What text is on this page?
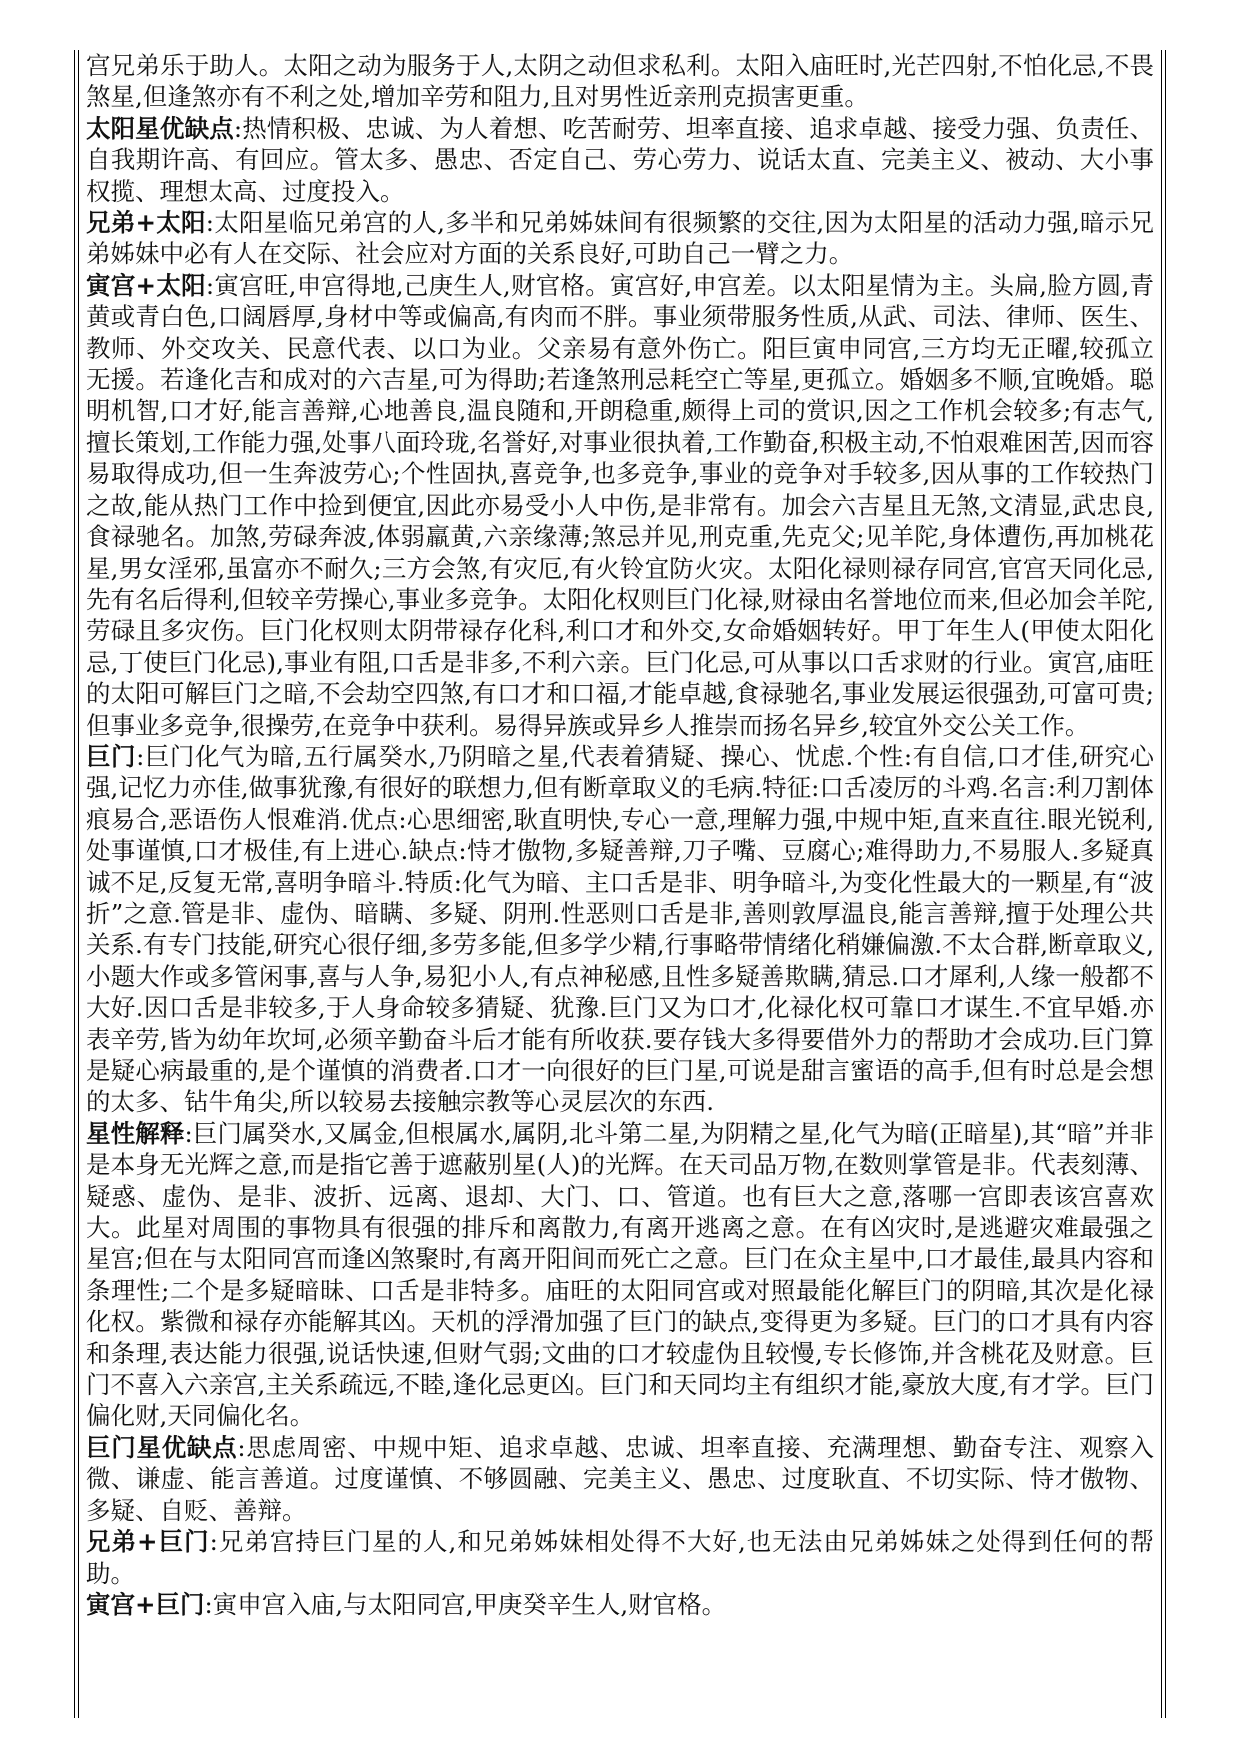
宫兄弟乐于助人。太阳之动为服务于人,太阴之动但求私利。太阳入庙旺时,光芒四射,不怕化忌,不畏煞星,但逢煞亦有不利之处,增加辛劳和阻力,且对男性近亲刑克损害更重。

太阳星优缺点:热情积极、忠诚、为人着想、吃苦耐劳、坦率直接、追求卓越、接受力强、负责任、自我期许高、有回应。管太多、愚忠、否定自己、劳心劳力、说话太直、完美主义、被动、大小事权揽、理想太高、过度投入。

兄弟+太阳:太阳星临兄弟宫的人,多半和兄弟姊妹间有很频繁的交往,因为太阳星的活动力强,暗示兄弟姊妹中必有人在交际、社会应对方面的关系良好,可助自己一臂之力。

寅宫+太阳:寅宫旺,申宫得地,己庚生人,财官格。寅宫好,申宫差。以太阳星情为主。头扁,脸方圆,青黄或青白色,口阔唇厚,身材中等或偏高,有肉而不胖。事业须带服务性质,从武、司法、律师、医生、教师、外交攻关、民意代表、以口为业。父亲易有意外伤亡。阳巨寅申同宫,三方均无正曜,较孤立无援。若逢化吉和成对的六吉星,可为得助;若逢煞刑忌耗空亡等星,更孤立。婚姻多不顺,宜晚婚。聪明机智,口才好,能言善辩,心地善良,温良随和,开朗稳重,颇得上司的赏识,因之工作机会较多;有志气,擅长策划,工作能力强,处事八面玲珑,名誉好,对事业很执着,工作勤奋,积极主动,不怕艰难困苦,因而容易取得成功,但一生奔波劳心;个性固执,喜竞争,也多竞争,事业的竞争对手较多,因从事的工作较热门之故,能从热门工作中捡到便宜,因此亦易受小人中伤,是非常有。加会六吉星且无煞,文清显,武忠良,食禄驰名。加煞,劳碌奔波,体弱羸黄,六亲缘薄;煞忌并见,刑克重,先克父;见羊陀,身体遭伤,再加桃花星,男女淫邪,虽富亦不耐久;三方会煞,有灾厄,有火铃宜防火灾。太阳化禄则禄存同宫,官宫天同化忌,先有名后得利,但较辛劳操心,事业多竞争。太阳化权则巨门化禄,财禄由名誉地位而来,但必加会羊陀,劳碌且多灾伤。巨门化权则太阴带禄存化科,利口才和外交,女命婚姻转好。甲丁年生人(甲使太阳化忌,丁使巨门化忌),事业有阻,口舌是非多,不利六亲。巨门化忌,可从事以口舌求财的行业。寅宫,庙旺的太阳可解巨门之暗,不会劫空四煞,有口才和口福,才能卓越,食禄驰名,事业发展运很强劲,可富可贵;但事业多竞争,很操劳,在竞争中获利。易得异族或异乡人推崇而扬名异乡,较宜外交公关工作。

巨门:巨门化气为暗,五行属癸水,乃阴暗之星,代表着猜疑、操心、忧虑.个性:有自信,口才佳,研究心强,记忆力亦佳,做事犹豫,有很好的联想力,但有断章取义的毛病.特征:口舌凌厉的斗鸡.名言:利刀割体痕易合,恶语伤人恨难消.优点:心思细密,耿直明快,专心一意,理解力强,中规中矩,直来直往.眼光锐利,处事谨慎,口才极佳,有上进心.缺点:恃才傲物,多疑善辩,刀子嘴、豆腐心;难得助力,不易服人.多疑真诚不足,反复无常,喜明争暗斗.特质:化气为暗、主口舌是非、明争暗斗,为变化性最大的一颗星,有“波折”之意.管是非、虚伪、暗瞒、多疑、阴刑.性恶则口舌是非,善则敦厚温良,能言善辩,擅于处理公共关系.有专门技能,研究心很仔细,多劳多能,但多学少精,行事略带情绪化稍嫌偏激.不太合群,断章取义,小题大作或多管闲事,喜与人争,易犯小人,有点神秘感,且性多疑善欺瞒,猜忌.口才犀利,人缘一般都不大好.因口舌是非较多,于人身命较多猜疑、犹豫.巨门又为口才,化禄化权可靠口才谋生.不宜早婚.亦表辛劳,皆为幼年坎坷,必须辛勤奋斗后才能有所收获.要存钱大多得要借外力的帮助才会成功.巨门算是疑心病最重的,是个谨慎的消费者.口才一向很好的巨门星,可说是甜言蜜语的高手,但有时总是会想的太多、钻牛角尖,所以较易去接触宗教等心灵层次的东西.

星性解释:巨门属癸水,又属金,但根属水,属阴,北斗第二星,为阴精之星,化气为暗(正暗星),其“暗”并非是本身无光辉之意,而是指它善于遮蔽别星(人)的光辉。在天司品万物,在数则掌管是非。代表刻薄、疑惑、虚伪、是非、波折、远离、退却、大门、口、管道。也有巨大之意,落哪一宫即表该宫喜欢大。此星对周围的事物具有很强的排斥和离散力,有离开逃离之意。在有凶灾时,是逃避灾难最强之星宫;但在与太阳同宫而逢凶煞聚时,有离开阳间而死亡之意。巨门在众主星中,口才最佳,最具内容和条理性;二个是多疑暗昧、口舌是非特多。庙旺的太阳同宫或对照最能化解巨门的阴暗,其次是化禄化权。紫微和禄存亦能解其凶。天机的浮滑加强了巨门的缺点,变得更为多疑。巨门的口才具有内容和条理,表达能力很强,说话快速,但财气弱;文曲的口才较虚伪且较慢,专长修饰,并含桃花及财意。巨门不喜入六亲宫,主关系疏远,不睦,逢化忌更凶。巨门和天同均主有组织才能,豪放大度,有才学。巨门偏化财,天同偏化名。

巨门星优缺点:思虑周密、中规中矩、追求卓越、忠诚、坦率直接、充满理想、勤奋专注、观察入微、谦虚、能言善道。过度谨慎、不够圆融、完美主义、愚忠、过度耿直、不切实际、恃才傲物、多疑、自贬、善辩。

兄弟+巨门:兄弟宫持巨门星的人,和兄弟姊妹相处得不大好,也无法由兄弟姊妹之处得到任何的帮助。

寅宫+巨门:寅申宫入庙,与太阳同宫,甲庚癸辛生人,财官格。
